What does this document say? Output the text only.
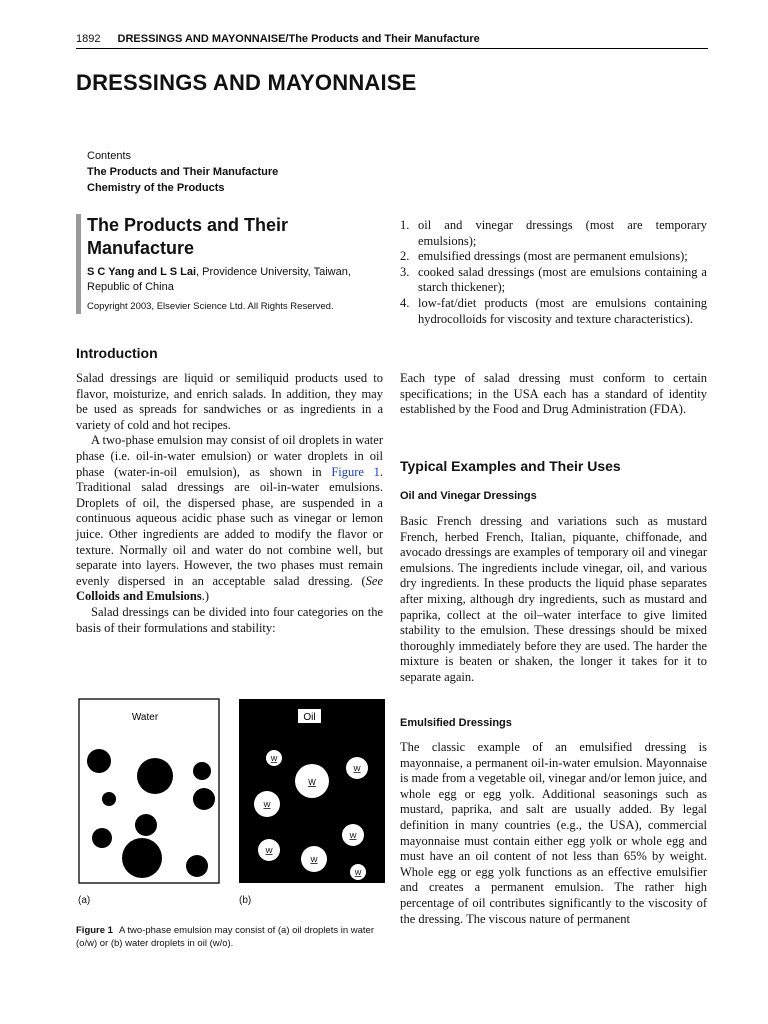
1892 DRESSINGS AND MAYONNAISE/The Products and Their Manufacture
DRESSINGS AND MAYONNAISE
Contents
The Products and Their Manufacture
Chemistry of the Products
The Products and Their
Manufacture
S C Yang and L S Lai, Providence University, Taiwan, Republic of China
Copyright 2003, Elsevier Science Ltd. All Rights Reserved.
Introduction

Salad dressings are liquid or semiliquid products used to flavor, moisturize, and enrich salads. In addition, they may be used as spreads for sandwiches or as ingredients in a variety of cold and hot recipes.

A two-phase emulsion may consist of oil droplets in water phase (i.e. oil-in-water emulsion) or water droplets in oil phase (water-in-oil emulsion), as shown in Figure 1. Traditional salad dressings are oil-in-water emulsions. Droplets of oil, the dispersed phase, are suspended in a continuous aqueous acidic phase such as vinegar or lemon juice. Other ingredients are added to modify the flavor or texture. Normally oil and water do not combine well, but separate into layers. However, the two phases must remain evenly dispersed in an acceptable salad dressing. (See Colloids and Emulsions.)

Salad dressings can be divided into four categories on the basis of their formulations and stability:

Water	Oil
W
W
W
W
W
W
W
W
(a)	(b)
Figure 1 A two-phase emulsion may consist of (a) oil droplets in water (o/w) or (b) water droplets in oil (w/o).
1. oil and vinegar dressings (most are temporary emulsions);
2. emulsified dressings (most are permanent emulsions);
3. cooked salad dressings (most are emulsions containing a starch thickener);
4. low-fat/diet products (most are emulsions containing hydrocolloids for viscosity and texture characteristics).
Each type of salad dressing must conform to certain specifications; in the USA each has a standard of identity established by the Food and Drug Administration (FDA).
Typical Examples and Their Uses
Oil and Vinegar Dressings
Basic French dressing and variations such as mustard French, herbed French, Italian, piquante, chiffonade, and avocado dressings are examples of temporary oil and vinegar emulsions. The ingredients include vinegar, oil, and various dry ingredients. In these products the liquid phase separates after mixing, although dry ingredients, such as mustard and paprika, collect at the oil–water interface to give limited stability to the emulsion. These dressings should be mixed thoroughly immediately before they are used. The harder the mixture is beaten or shaken, the longer it takes for it to separate again.
Emulsified Dressings
The classic example of an emulsified dressing is mayonnaise, a permanent oil-in-water emulsion. Mayonnaise is made from a vegetable oil, vinegar and/or lemon juice, and whole egg or egg yolk. Additional seasonings such as mustard, paprika, and salt are usually added. By legal definition in many countries (e.g., the USA), commercial mayonnaise must contain either egg yolk or whole egg and must have an oil content of not less than 65% by weight. Whole egg or egg yolk functions as an effective emulsifier and creates a permanent emulsion. The rather high percentage of oil contributes significantly to the viscosity of the dressing. The viscous nature of permanent
